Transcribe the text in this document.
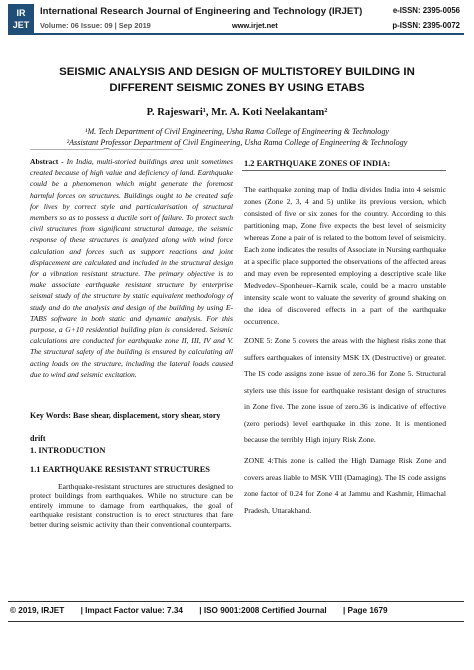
IR
JET
International Research Journal of Engineering and Technology (IRJET)
Volume: 06 Issue: 09 | Sep 2019	www.irjet.net
e-ISSN: 2395-0056
p-ISSN: 2395-0072
SEISMIC ANALYSIS AND DESIGN OF MULTISTOREY BUILDING IN
DIFFERENT SEISMIC ZONES BY USING ETABS
P. Rajeswari¹, Mr. A. Koti Neelakantam²
¹M. Tech Department of Civil Engineering, Usha Rama College of Engineering & Technology
²Assistant Professor Department of Civil Engineering, Usha Rama College of Engineering & Technology
---------------------------------------------------------------------***---------------------------------------------------------------------
Abstract - In India, multi-storied buildings area unit sometimes created because of high value and deficiency of land. Earthquake could be a phenomenon which might generate the foremost harmful forces on structures. Buildings ought to be created safe for lives by correct style and particularisation of structural members so as to possess a ductile sort of failure. To protect such civil structures from significant structural damage, the seismic response of these structures is analyzed along with wind force calculation and forces such as support reactions and joint displacement are calculated and included in the structural design for a vibration resistant structure. The primary objective is to make associate earthquake resistant structure by enterprise seismal study of the structure by static equivalent methodology of study and do the analysis and design of the building by using E-TABS software in both static and dynamic analysis. For this purpose, a G+10 residential building plan is considered. Seismic calculations are conducted for earthquake zone II, III, IV and V. The structural safety of the building is ensured by calculating all acting loads on the structure, including the lateral loads caused due to wind and seismic excitation.
Key Words: Base shear, displacement, story shear, story drift
1. INTRODUCTION
1.1 EARTHQUAKE RESISTANT STRUCTURES
Earthquake-resistant structures are structures designed to protect buildings from earthquakes. While no structure can be entirely immune to damage from earthquakes, the goal of earthquake resistant construction is to erect structures that fare better during seismic activity than their conventional counterparts.
1.2 EARTHQUAKE ZONES OF INDIA:
The earthquake zoning map of India divides India into 4 seismic zones (Zone 2, 3, 4 and 5) unlike its previous version, which consisted of five or six zones for the country. According to this partitioning map, Zone five expects the best level of seismicity whereas Zone a pair of is related to the bottom level of seismicity. Each zone indicates the results of Associate in Nursing earthquake at a specific place supported the observations of the affected areas and may even be represented employing a descriptive scale like Medvedev–Sponheuer–Karnik scale, could be a macro unstable intensity scale wont to valuate the severity of ground shaking on the idea of discovered effects in a part of the earthquake occurrence.
ZONE 5: Zone 5 covers the areas with the highest risks zone that suffers earthquakes of intensity MSK IX (Destructive) or greater. The IS code assigns zone issue of zero.36 for Zone 5. Structural stylers use this issue for earthquake resistant design of structures in Zone five. The zone issue of zero.36 is indicative of effective (zero periods) level earthquake in this zone. It is mentioned because the terribly High injury Risk Zone.
ZONE 4:This zone is called the High Damage Risk Zone and covers areas liable to MSK VIII (Damaging). The IS code assigns zone factor of 0.24 for Zone 4 at Jammu and Kashmir, Himachal Pradesh, Uttarakhand.
© 2019, IRJET | Impact Factor value: 7.34 | ISO 9001:2008 Certified Journal | Page 1679
